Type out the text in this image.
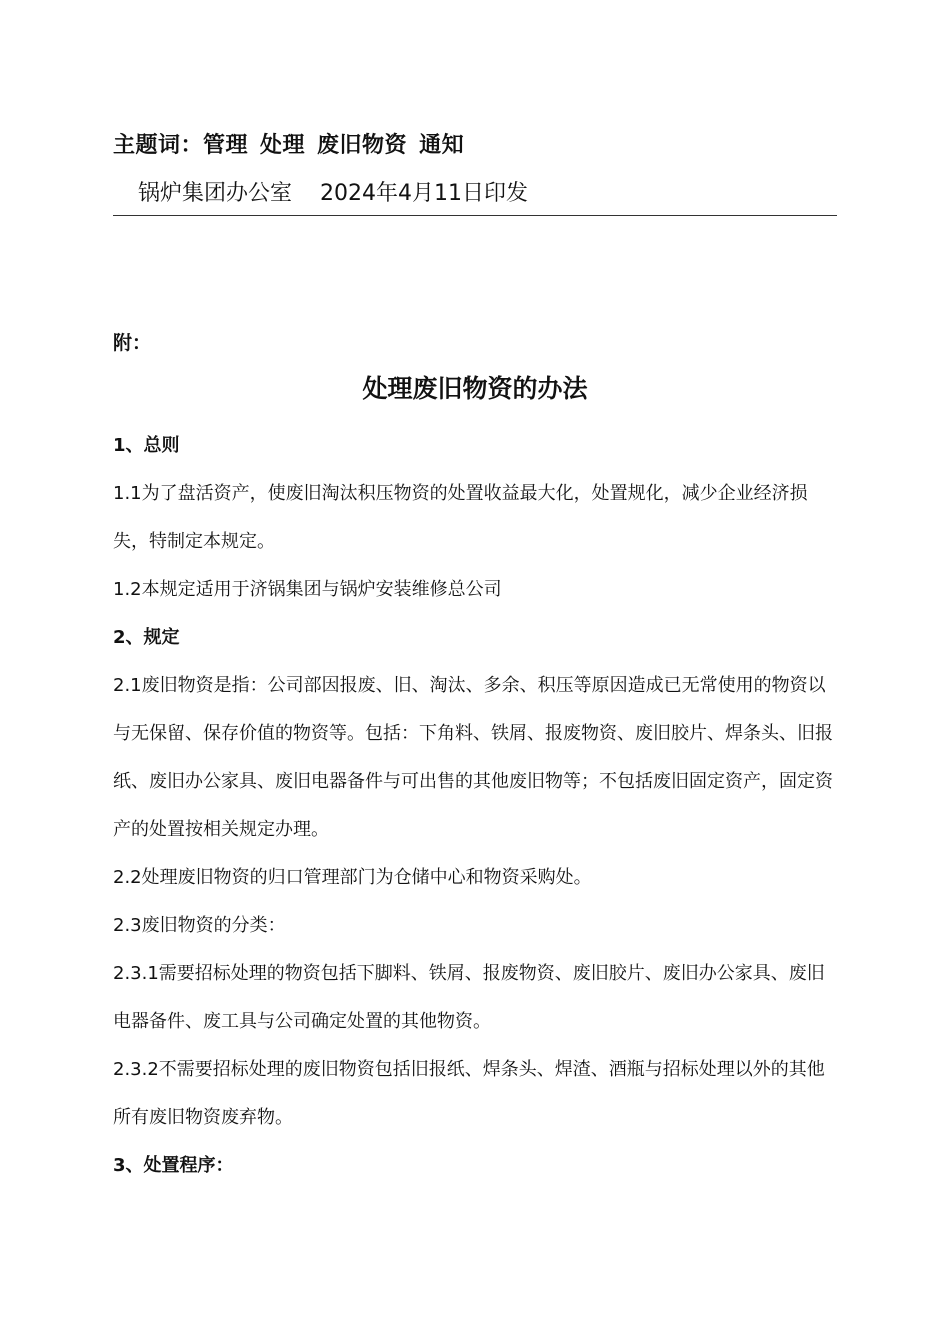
主题词：管理 处理 废旧物资 通知
锅炉集团办公室 2024年4月11日印发
附：
处理废旧物资的办法

1、总则

1.1为了盘活资产，使废旧淘汰积压物资的处置收益最大化，处置规化，减少企业经济损失，特制定本规定。

1.2本规定适用于济锅集团与锅炉安装维修总公司

2、规定

2.1废旧物资是指：公司部因报废、旧、淘汰、多余、积压等原因造成已无常使用的物资以与无保留、保存价值的物资等。包括：下角料、铁屑、报废物资、废旧胶片、焊条头、旧报纸、废旧办公家具、废旧电器备件与可出售的其他废旧物等；不包括废旧固定资产，固定资产的处置按相关规定办理。

2.2处理废旧物资的归口管理部门为仓储中心和物资采购处。

2.3废旧物资的分类：

2.3.1需要招标处理的物资包括下脚料、铁屑、报废物资、废旧胶片、废旧办公家具、废旧电器备件、废工具与公司确定处置的其他物资。

2.3.2不需要招标处理的废旧物资包括旧报纸、焊条头、焊渣、酒瓶与招标处理以外的其他所有废旧物资废弃物。

3、处置程序：
